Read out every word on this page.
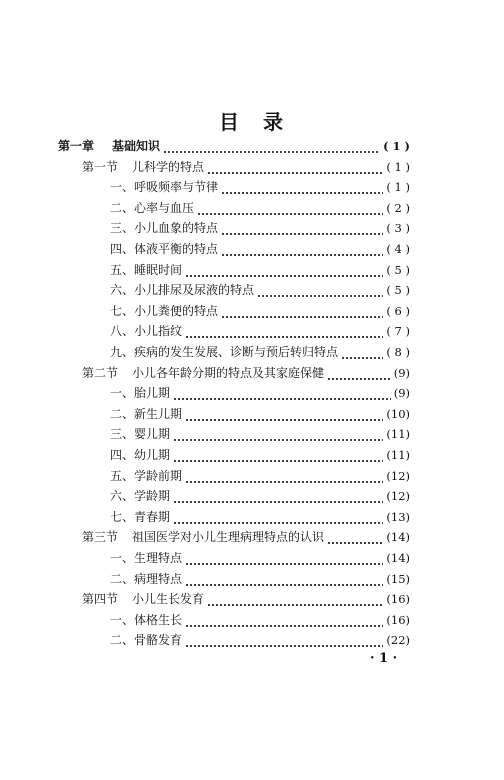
目　录
第一章 基础知识	( 1 )
第一节 儿科学的特点	( 1 )
一、呼吸频率与节律	( 1 )
二、心率与血压	( 2 )
三、小儿血象的特点	( 3 )
四、体液平衡的特点	( 4 )
五、睡眠时间	( 5 )
六、小儿排尿及尿液的特点	( 5 )
七、小儿粪便的特点	( 6 )
八、小儿指纹	( 7 )
九、疾病的发生发展、诊断与预后转归特点	( 8 )
第二节 小儿各年龄分期的特点及其家庭保健	(9)
一、胎儿期	(9)
二、新生儿期	(10)
三、婴儿期	(11)
四、幼儿期	(11)
五、学龄前期	(12)
六、学龄期	(12)
七、青春期	(13)
第三节 祖国医学对小儿生理病理特点的认识	(14)
一、生理特点	(14)
二、病理特点	(15)
第四节 小儿生长发育	(16)
一、体格生长	(16)
二、骨骼发育	(22)
· 1 ·
